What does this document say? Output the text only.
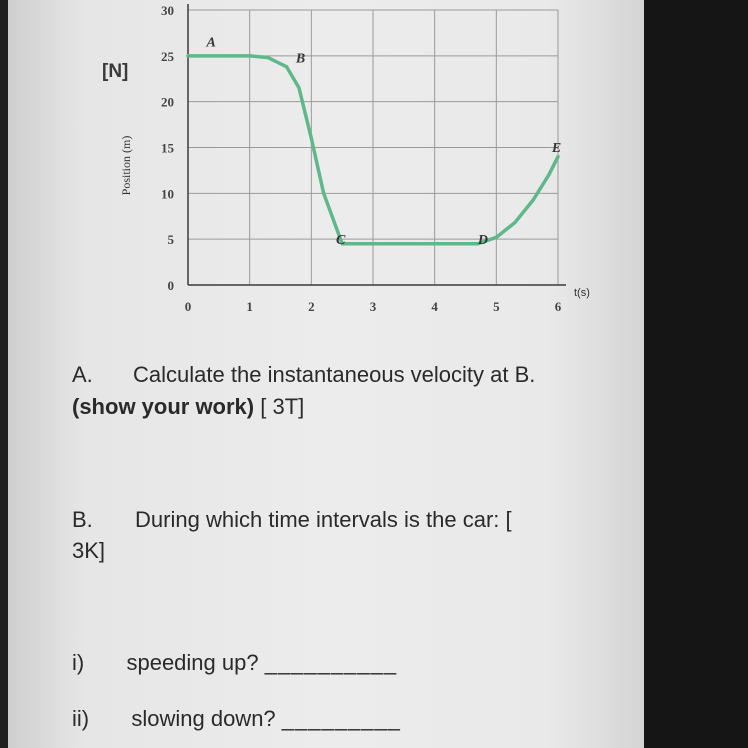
0	1	2	3	4	5	6
0
5
10
15
20
25
30
t(s)
Position (m)
[N]
A
B
C	D
E
A. Calculate the instantaneous velocity at B.
(show your work) [ 3T]
B. During which time intervals is the car: [
3K]
i) speeding up? __________
ii) slowing down? _________
